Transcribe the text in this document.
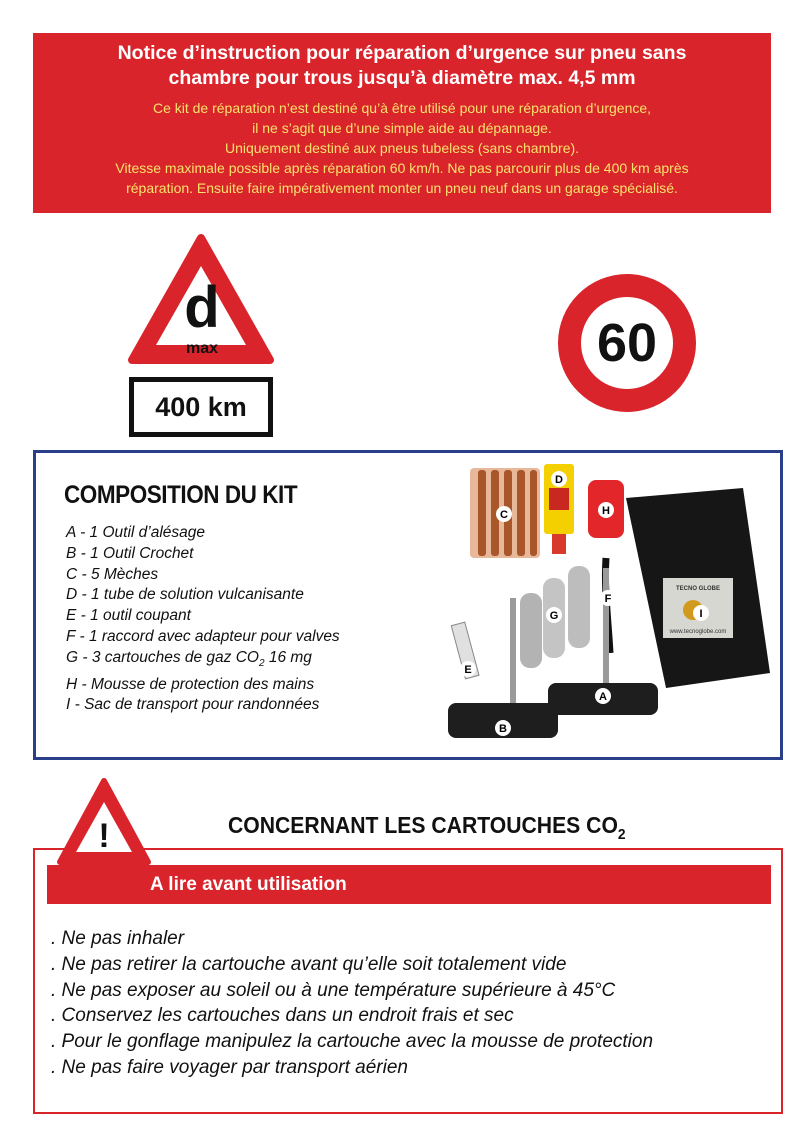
Notice d’instruction pour réparation d’urgence sur pneu sans
chambre pour trous jusqu’à diamètre max. 4,5 mm
Ce kit de réparation n’est destiné qu’à être utilisé pour une réparation d’urgence,
il ne s’agit que d’une simple aide au dépannage.
Uniquement destiné aux pneus tubeless (sans chambre).
Vitesse maximale possible après réparation 60 km/h. Ne pas parcourir plus de 400 km après
réparation. Ensuite faire impérativement monter un pneu neuf dans un garage spécialisé.
d
max
400 km
60
COMPOSITION DU KIT
A - 1 Outil d’alésage
B - 1 Outil Crochet
C - 5 Mèches
D - 1 tube de solution vulcanisante
E - 1 outil coupant
F - 1 raccord avec adapteur pour valves
G - 3 cartouches de gaz $CO_2$ 16 mg
H - Mousse de protection des mains
I - Sac de transport pour randonnées
C
D
H
I
F
G
E
A
B
TECNO GLOBE
www.tecnoglobe.com
!	CONCERNANT LES CARTOUCHES $CO_2$
A lire avant utilisation
. Ne pas inhaler
. Ne pas retirer la cartouche avant qu’elle soit totalement vide
. Ne pas exposer au soleil ou à une température supérieure à 45°C
. Conservez les cartouches dans un endroit frais et sec
. Pour le gonflage manipulez la cartouche avec la mousse de protection
. Ne pas faire voyager par transport aérien
